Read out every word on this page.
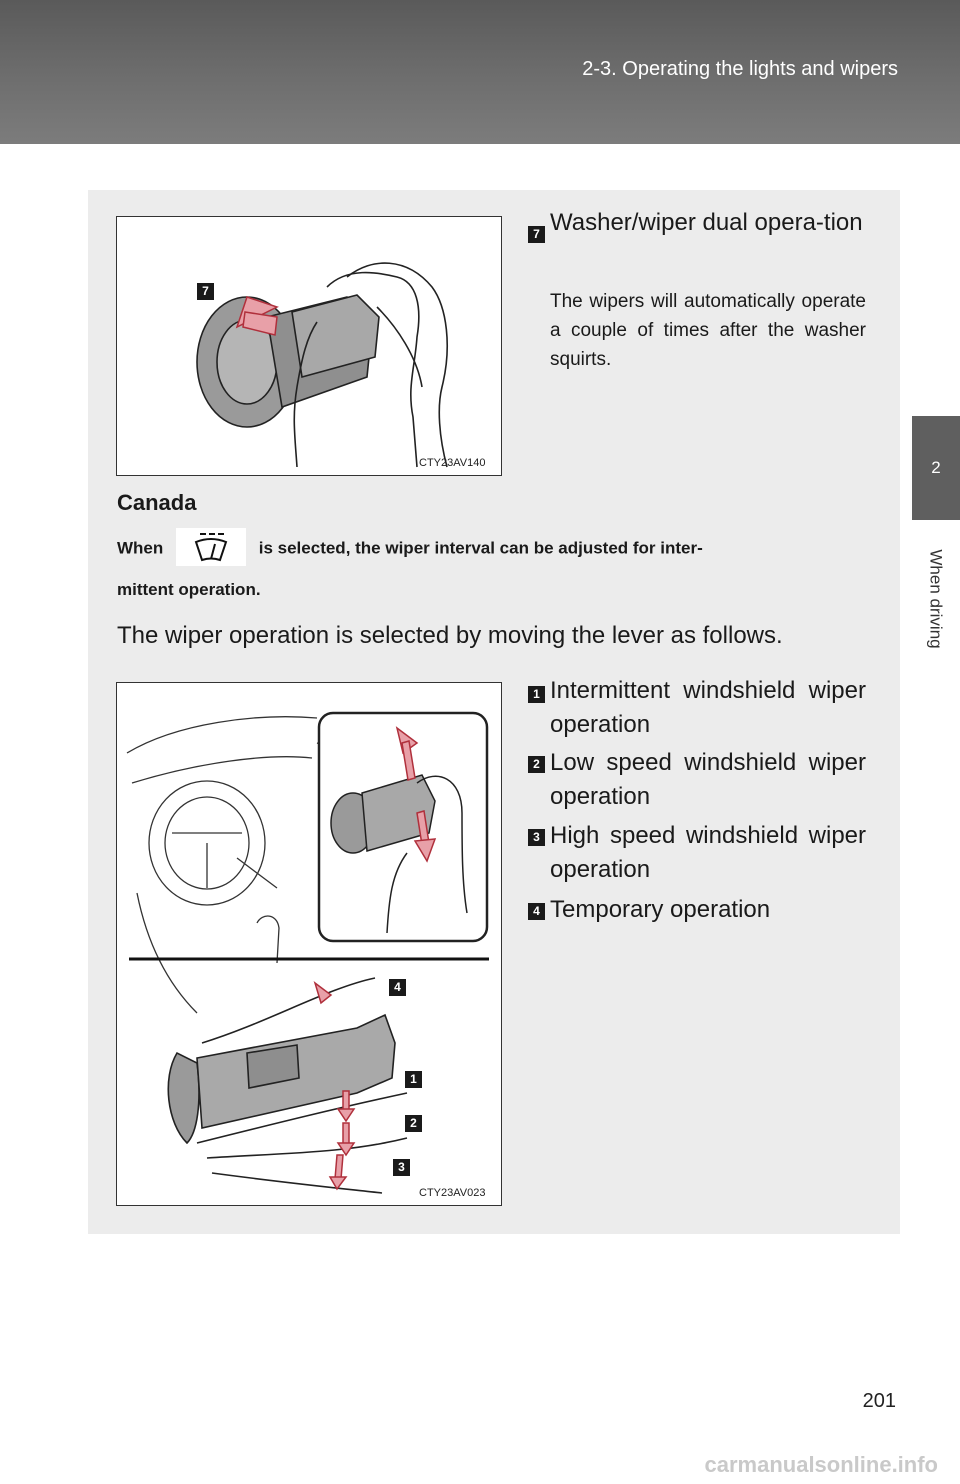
2-3. Operating the lights and wipers
2
When driving
7
CTY23AV140
7 Washer/wiper dual opera-tion
The wipers will automatically operate a couple of times after the washer squirts.
Canada
When	is selected, the wiper interval can be adjusted for inter-
mittent operation.
The wiper operation is selected by moving the lever as follows.
4
1
2
3
CTY23AV023
1 Intermittent windshield wiper operation
2 Low speed windshield wiper operation
3 High speed windshield wiper operation
4 Temporary operation
201
carmanualsonline.info
